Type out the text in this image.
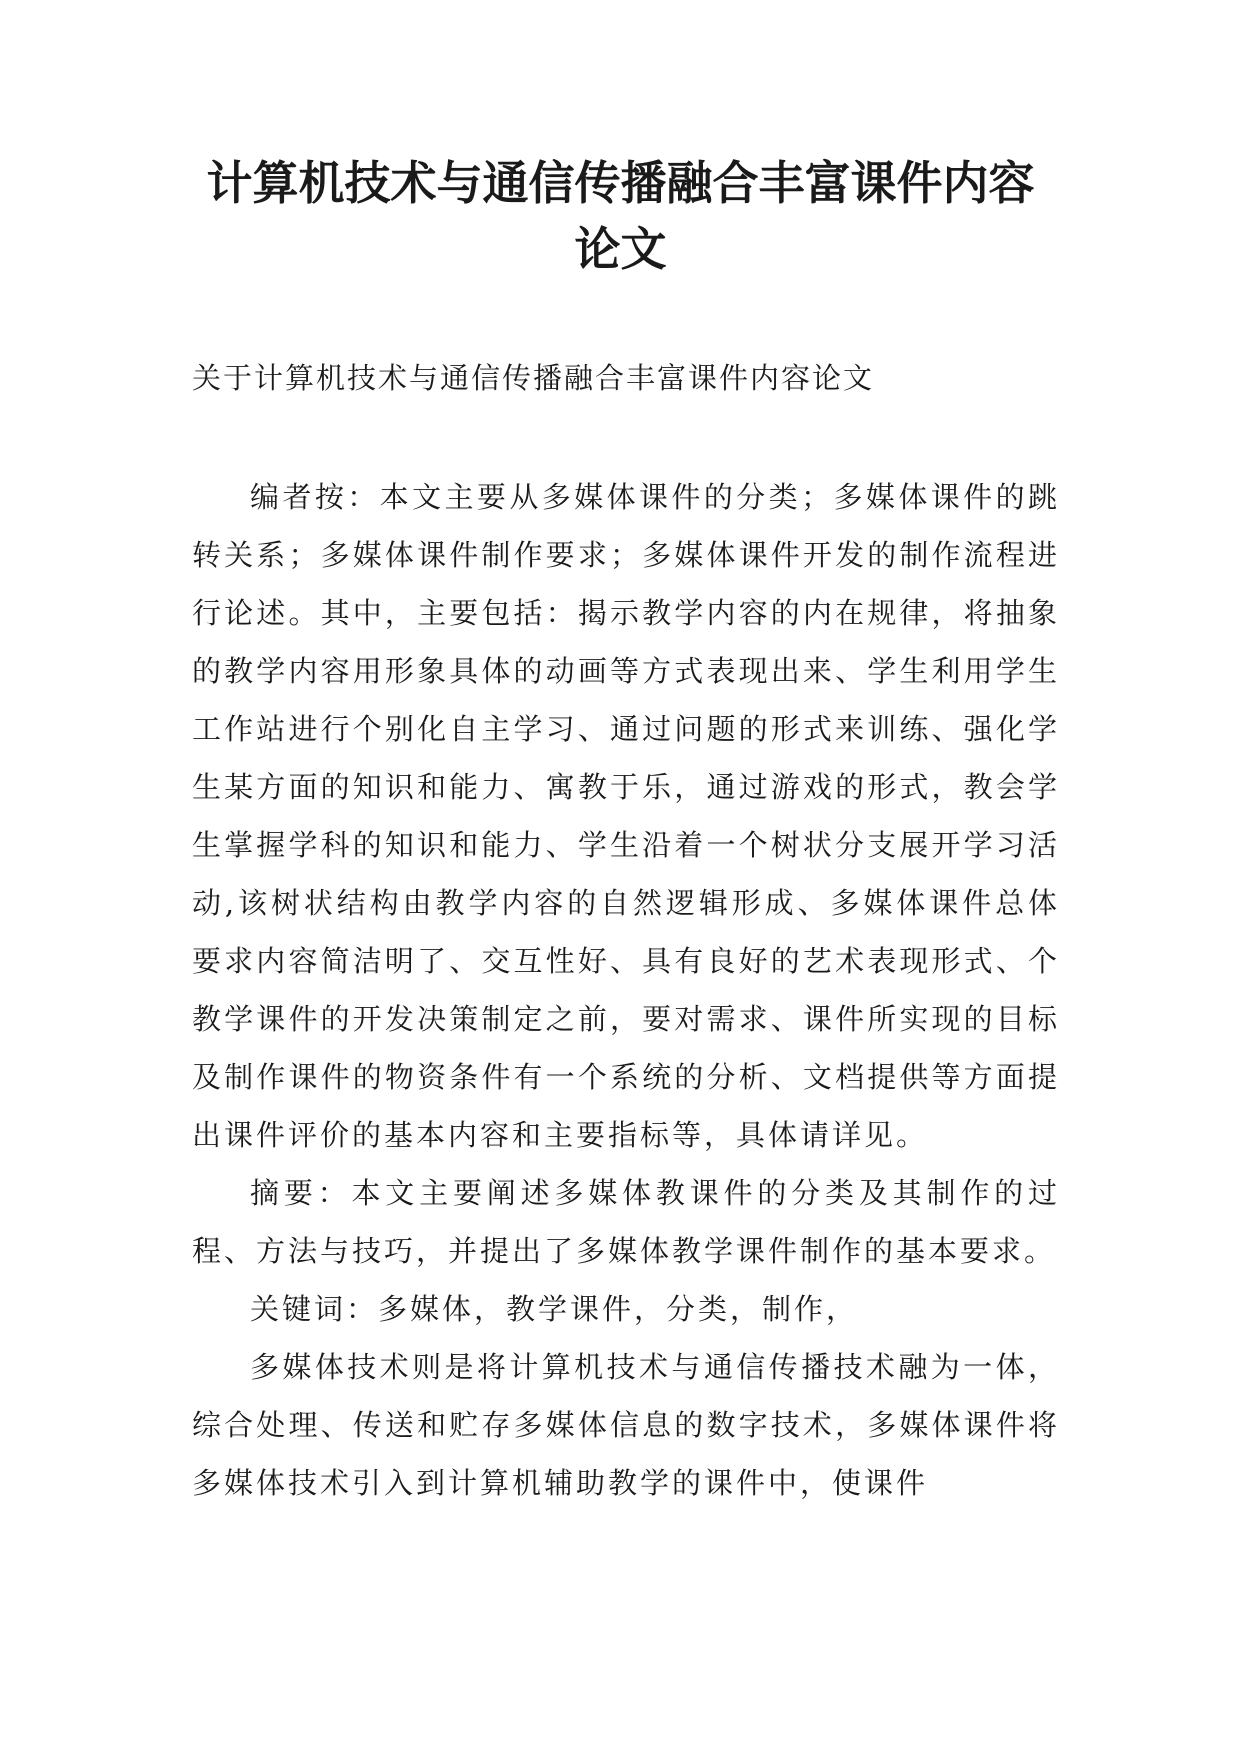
计算机技术与通信传播融合丰富课件内容
论文

关于计算机技术与通信传播融合丰富课件内容论文

编者按：本文主要从多媒体课件的分类；多媒体课件的跳转关系；多媒体课件制作要求；多媒体课件开发的制作流程进行论述。其中，主要包括：揭示教学内容的内在规律，将抽象的教学内容用形象具体的动画等方式表现出来、学生利用学生工作站进行个别化自主学习、通过问题的形式来训练、强化学生某方面的知识和能力、寓教于乐，通过游戏的形式，教会学生掌握学科的知识和能力、学生沿着一个树状分支展开学习活动,该树状结构由教学内容的自然逻辑形成、多媒体课件总体要求内容简洁明了、交互性好、具有良好的艺术表现形式、个教学课件的开发决策制定之前，要对需求、课件所实现的目标及制作课件的物资条件有一个系统的分析、文档提供等方面提出课件评价的基本内容和主要指标等，具体请详见。

摘要：本文主要阐述多媒体教课件的分类及其制作的过程、方法与技巧，并提出了多媒体教学课件制作的基本要求。

关键词：多媒体，教学课件，分类，制作，

多媒体技术则是将计算机技术与通信传播技术融为一体，综合处理、传送和贮存多媒体信息的数字技术，多媒体课件将多媒体技术引入到计算机辅助教学的课件中，使课件
